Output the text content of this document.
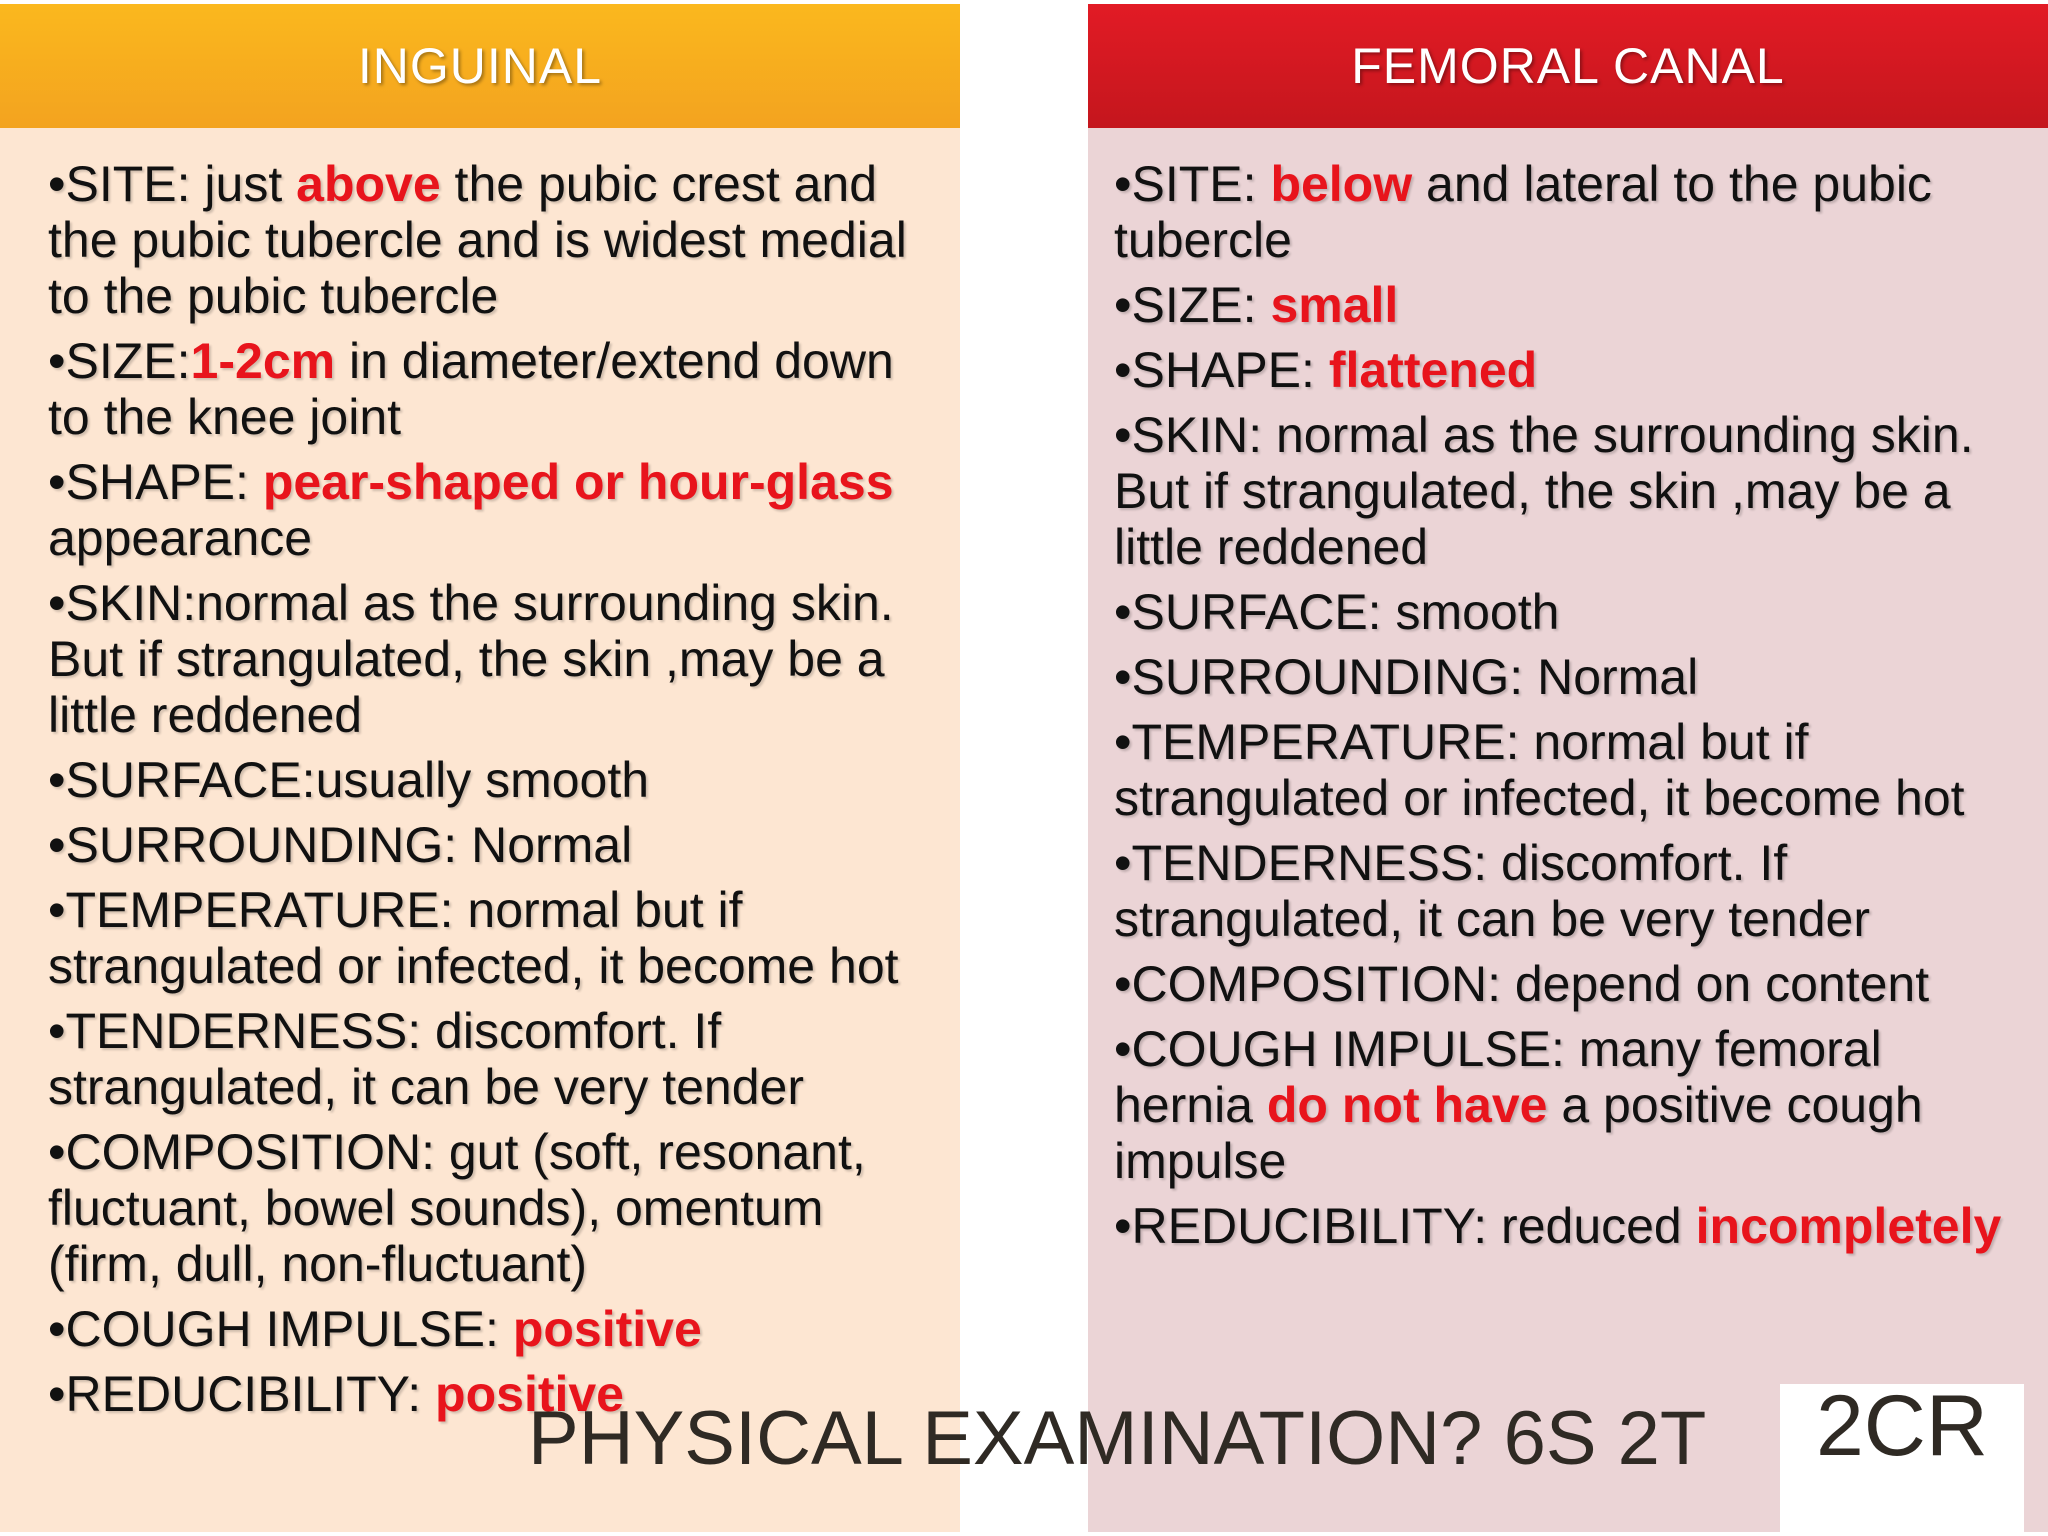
INGUINAL
• SITE: just above the pubic crest and the pubic tubercle and is widest medial to the pubic tubercle
• SIZE:1-2cm in diameter/extend down to the knee joint
• SHAPE: pear-shaped or hour-glass appearance
• SKIN:normal as the surrounding skin. But if strangulated, the skin ,may be a little reddened
• SURFACE:usually smooth
• SURROUNDING: Normal
• TEMPERATURE: normal but if strangulated or infected, it become hot
• TENDERNESS: discomfort. If strangulated, it can be very tender
• COMPOSITION: gut (soft, resonant, fluctuant, bowel sounds), omentum (firm, dull, non-fluctuant)
• COUGH IMPULSE: positive
• REDUCIBILITY: positive
FEMORAL CANAL
• SITE: below and lateral to the pubic tubercle
• SIZE: small
• SHAPE: flattened
• SKIN: normal as the surrounding skin. But if strangulated, the skin ,may be a little reddened
• SURFACE: smooth
• SURROUNDING: Normal
• TEMPERATURE: normal but if strangulated or infected, it become hot
• TENDERNESS: discomfort. If strangulated, it can be very tender
• COMPOSITION: depend on content
• COUGH IMPULSE: many femoral hernia do not have a positive cough impulse
• REDUCIBILITY: reduced incompletely
PHYSICAL EXAMINATION? 6S 2T	2CR
